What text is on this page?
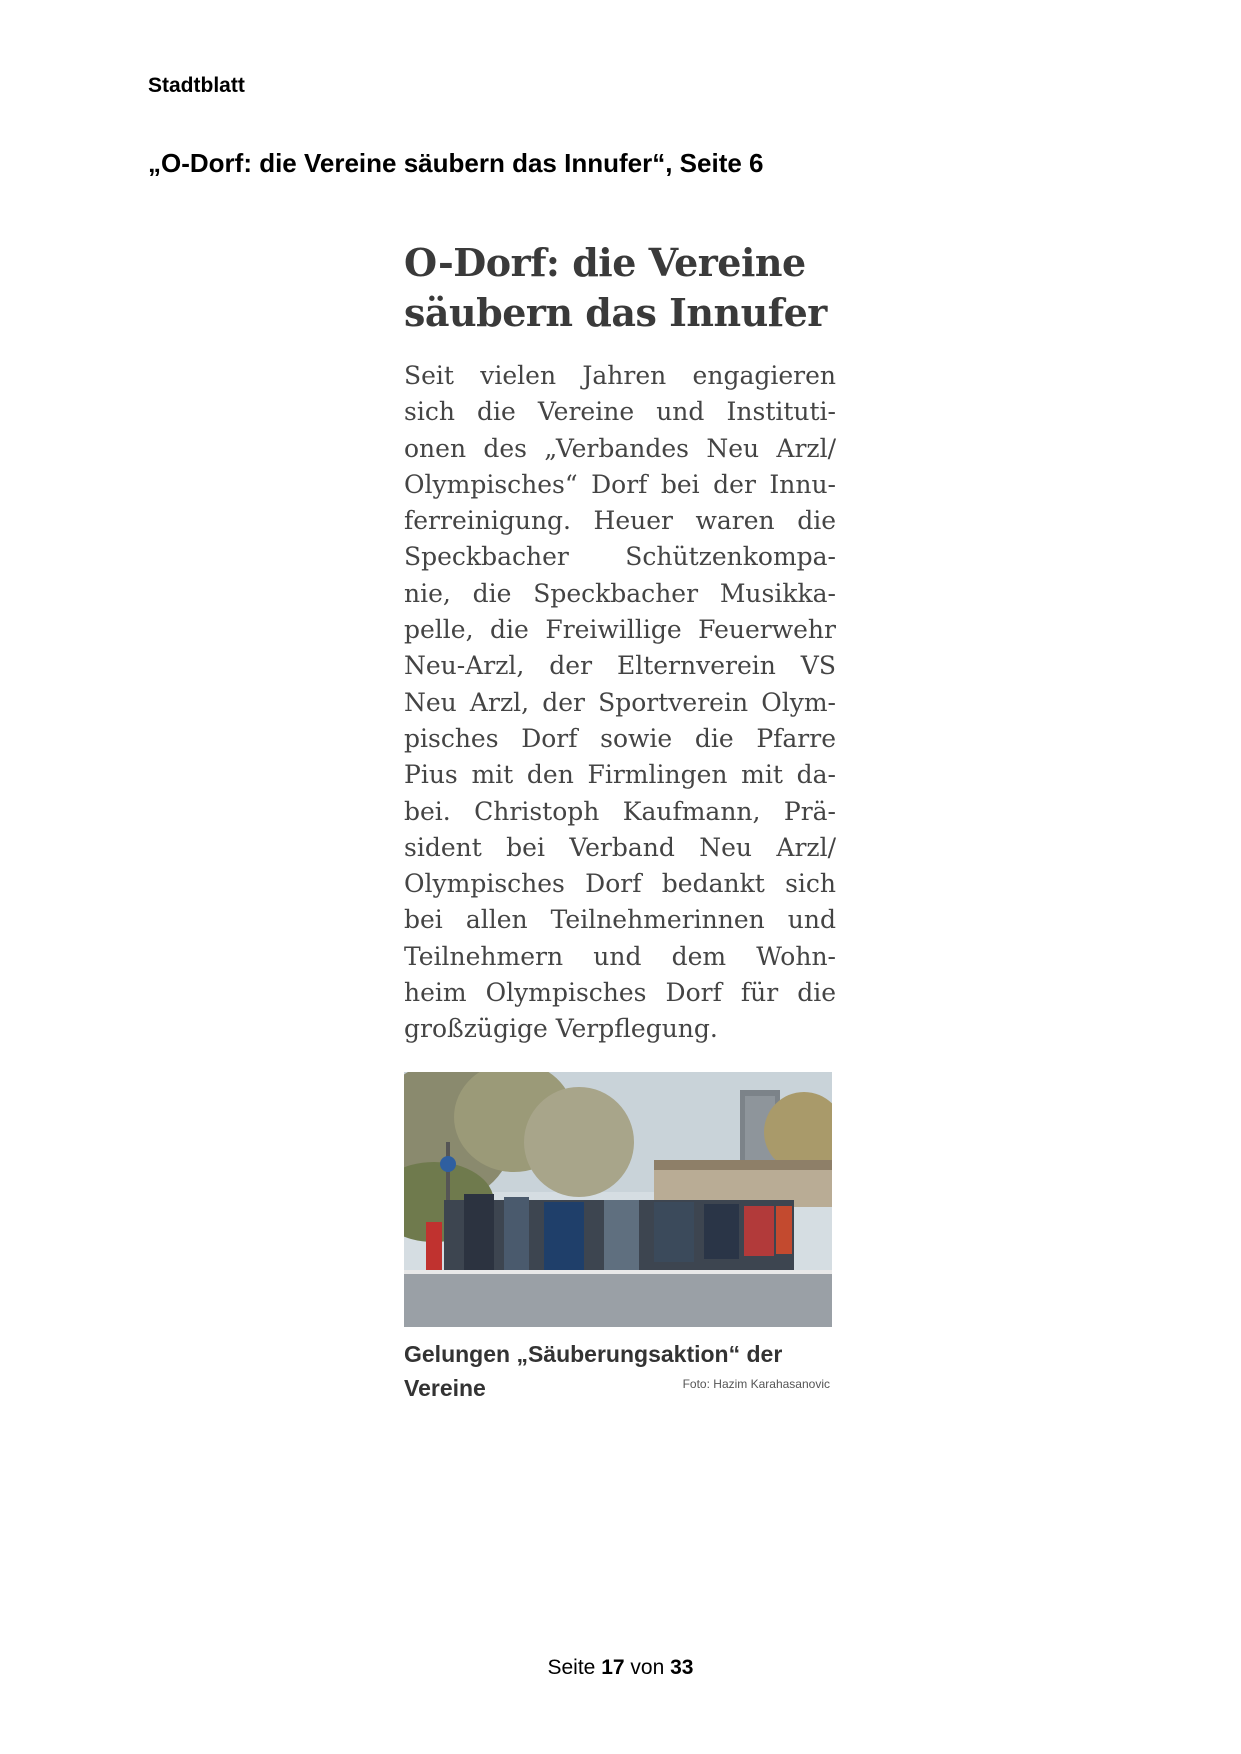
Stadtblatt
„O-Dorf: die Vereine säubern das Innufer“, Seite 6
O-Dorf: die Vereine
säubern das Innufer
Seit vielen Jahren engagieren
sich die Vereine und Instituti-
onen des „Verbandes Neu Arzl/
Olympisches“ Dorf bei der Innu-
ferreinigung. Heuer waren die
Speckbacher Schützenkompa-
nie, die Speckbacher Musikka-
pelle, die Freiwillige Feuerwehr
Neu-Arzl, der Elternverein VS
Neu Arzl, der Sportverein Olym-
pisches Dorf sowie die Pfarre
Pius mit den Firmlingen mit da-
bei. Christoph Kaufmann, Prä-
sident bei Verband Neu Arzl/
Olympisches Dorf bedankt sich
bei allen Teilnehmerinnen und
Teilnehmern und dem Wohn-
heim Olympisches Dorf für die
großzügige Verpflegung.
Gelungen „Säuberungsaktion“ der
Vereine	Foto: Hazim Karahasanovic
Seite 17 von 33
